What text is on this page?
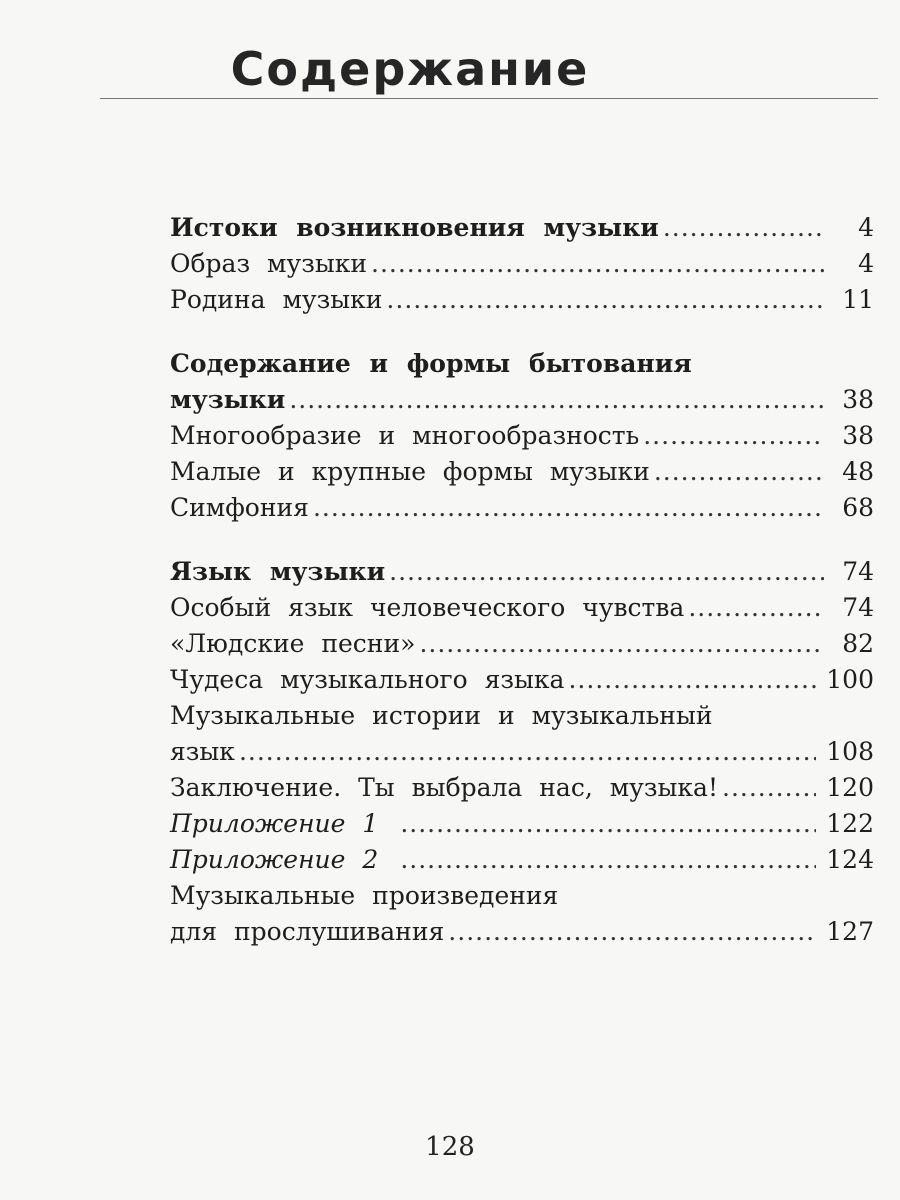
Содержание
Истоки возникновения музыки .....	4
Образ музыки .....	4
Родина музыки .....	11
Содержание и формы бытования
музыки .....	38
Многообразие и многообразность .....	38
Малые и крупные формы музыки .....	48
Симфония .....	68
Язык музыки .....	74
Особый язык человеческого чувства .....	74
«Людские песни» .....	82
Чудеса музыкального языка .....	100
Музыкальные истории и музыкальный
язык .....	108
Заключение. Ты выбрала нас, музыка! .....	120
Приложение 1 .....	122
Приложение 2 .....	124
Музыкальные произведения
для прослушивания .....	127
128
